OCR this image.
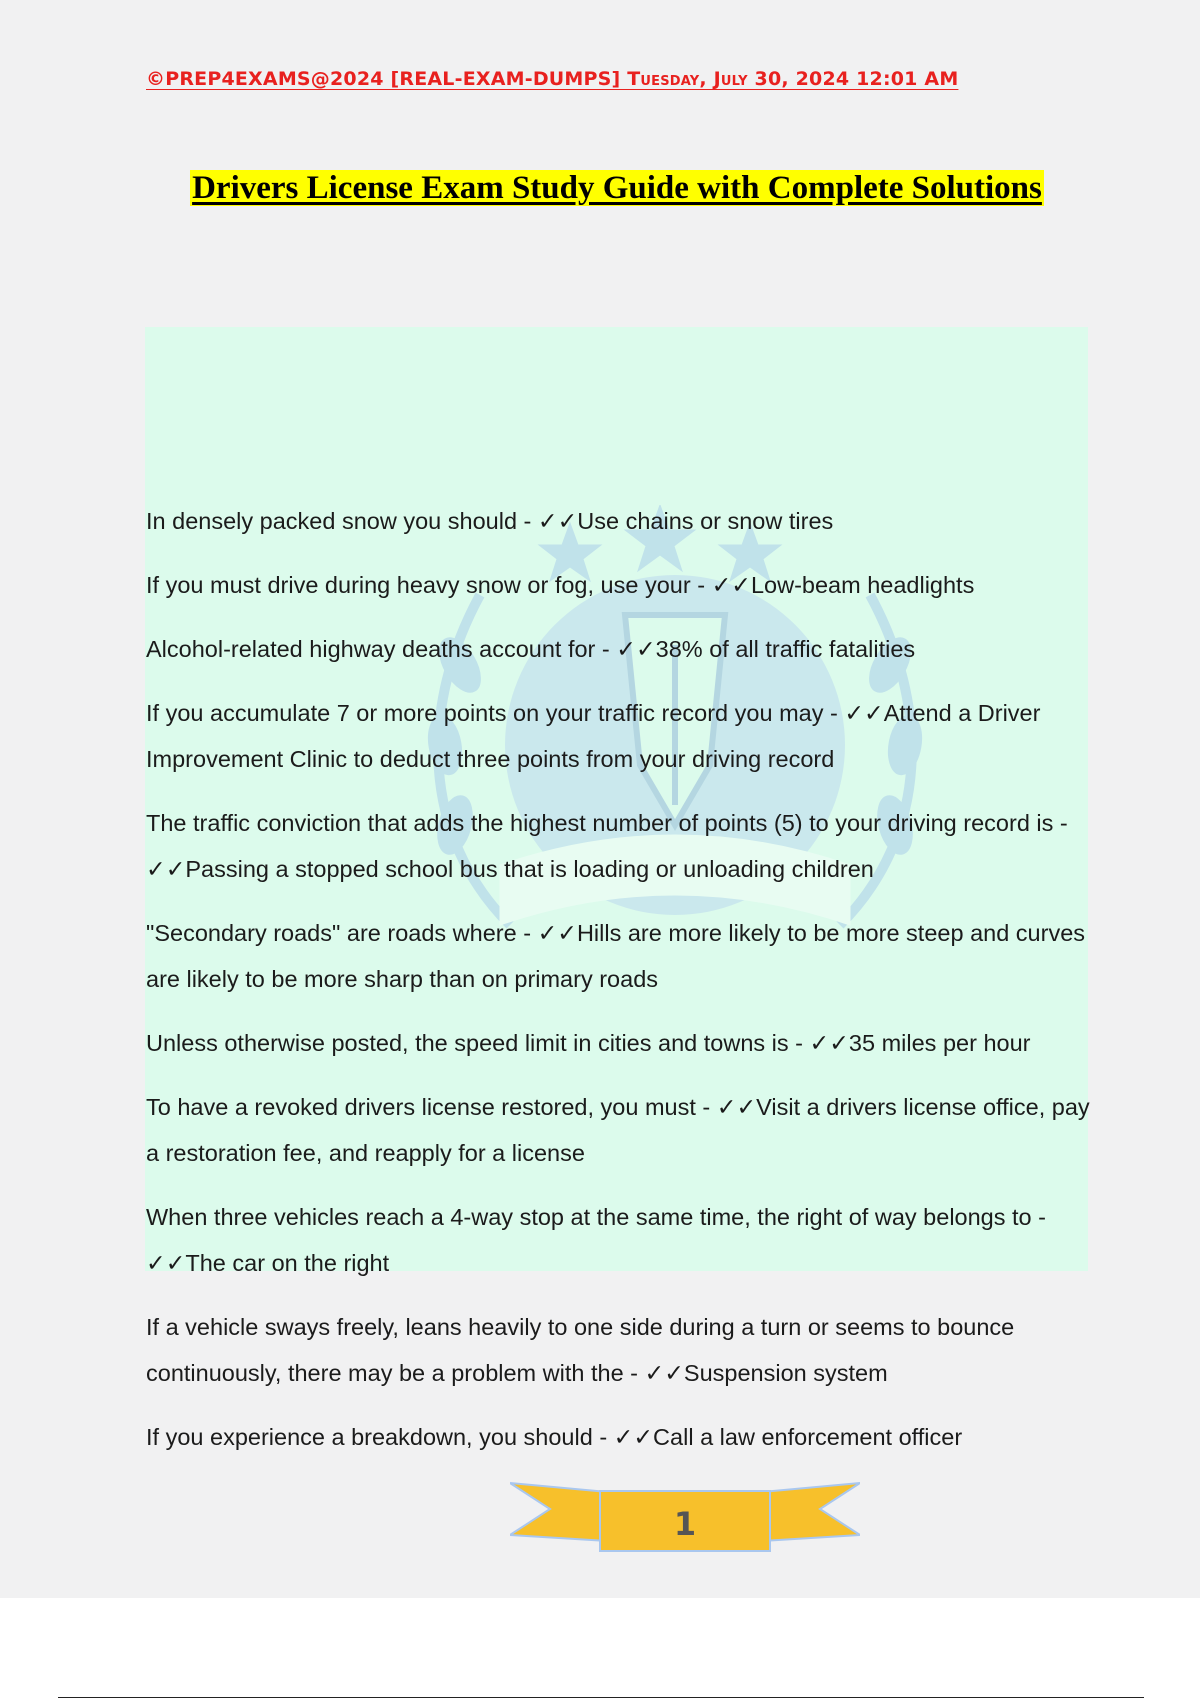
©PREP4EXAMS@2024 [REAL-EXAM-DUMPS] Tuesday, July 30, 2024 12:01 AM
Drivers License Exam Study Guide with Complete Solutions

In densely packed snow you should - ✓✓Use chains or snow tires

If you must drive during heavy snow or fog, use your - ✓✓Low-beam headlights

Alcohol-related highway deaths account for - ✓✓38% of all traffic fatalities

If you accumulate 7 or more points on your traffic record you may - ✓✓Attend a Driver Improvement Clinic to deduct three points from your driving record

The traffic conviction that adds the highest number of points (5) to your driving record is - ✓✓Passing a stopped school bus that is loading or unloading children

"Secondary roads" are roads where - ✓✓Hills are more likely to be more steep and curves are likely to be more sharp than on primary roads

Unless otherwise posted, the speed limit in cities and towns is - ✓✓35 miles per hour

To have a revoked drivers license restored, you must - ✓✓Visit a drivers license office, pay a restoration fee, and reapply for a license

When three vehicles reach a 4-way stop at the same time, the right of way belongs to - ✓✓The car on the right

If a vehicle sways freely, leans heavily to one side during a turn or seems to bounce continuously, there may be a problem with the - ✓✓Suspension system

If you experience a breakdown, you should - ✓✓Call a law enforcement officer

1
